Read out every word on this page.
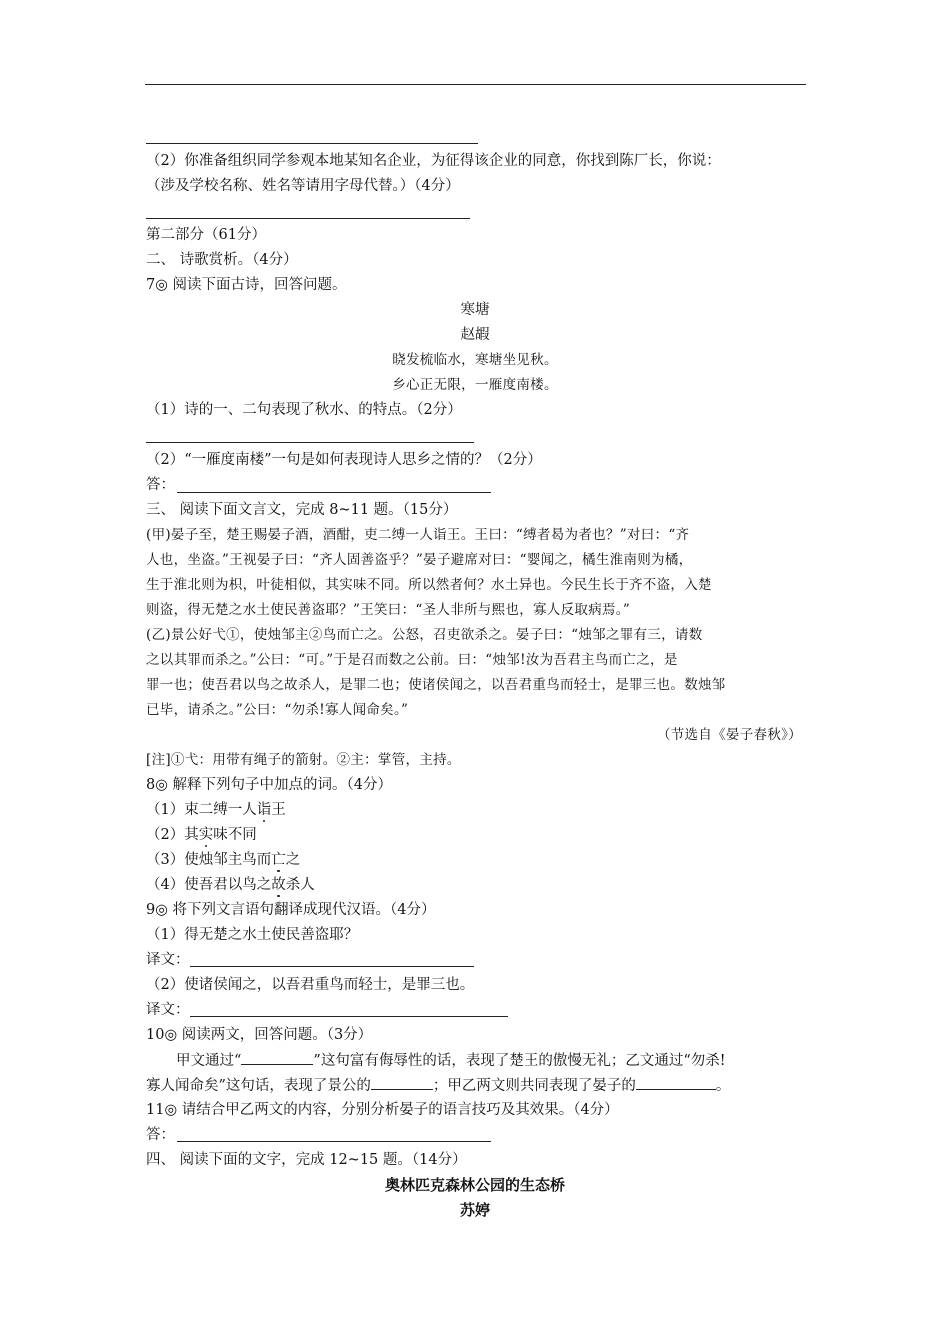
（2）你准备组织同学参观本地某知名企业，为征得该企业的同意，你找到陈厂长，你说：
（涉及学校名称、姓名等请用字母代替。）（4分）
第二部分（61分）
二、 诗歌赏析。（4分）
7◎ 阅读下面古诗，回答问题。
寒塘
赵嘏
晓发梳临水，寒塘坐见秋。
乡心正无限，一雁度南楼。
（1）诗的一、二句表现了秋水、的特点。（2分）
（2）“一雁度南楼”一句是如何表现诗人思乡之情的？（2分）
答：
三、 阅读下面文言文，完成 8~11 题。（15分）
(甲)晏子至，楚王赐晏子酒，酒酣，吏二缚一人诣王。王曰：“缚者曷为者也？”对曰：“齐
人也，坐盗。”王视晏子曰：“齐人固善盗乎？”晏子避席对曰：“婴闻之，橘生淮南则为橘，
生于淮北则为枳，叶徒相似，其实味不同。所以然者何？水土异也。今民生长于齐不盗，入楚
则盗，得无楚之水土使民善盗耶？”王笑曰：“圣人非所与熙也，寡人反取病焉。”
(乙)景公好弋①，使烛邹主②鸟而亡之。公怒，召吏欲杀之。晏子曰：“烛邹之罪有三，请数
之以其罪而杀之。”公曰：“可。”于是召而数之公前。曰：“烛邹!汝为吾君主鸟而亡之，是
罪一也；使吾君以鸟之故杀人，是罪二也；使诸侯闻之，以吾君重鸟而轻士，是罪三也。数烛邹
已毕，请杀之。”公曰：“勿杀!寡人闻命矣。”
（节选自《晏子春秋》）
[注]①弋：用带有绳子的箭射。②主：掌管，主持。
8◎ 解释下列句子中加点的词。（4分）
（1）束二缚一人诣王
（2）其实味不同
（3）使烛邹主鸟而亡之
（4）使吾君以鸟之故杀人
9◎ 将下列文言语句翻译成现代汉语。（4分）
（1）得无楚之水土使民善盗耶？
译文：
（2）使诸侯闻之，以吾君重鸟而轻士，是罪三也。
译文：
10◎ 阅读两文，回答问题。（3分）
甲文通过“	”这句富有侮辱性的话，表现了楚王的傲慢无礼；乙文通过“勿杀!
寡人闻命矣”这句话，表现了景公的	；甲乙两文则共同表现了晏子的	。
11◎ 请结合甲乙两文的内容，分别分析晏子的语言技巧及其效果。（4分）
答：
四、 阅读下面的文字，完成 12~15 题。（14分）
奥林匹克森林公园的生态桥
苏婷
